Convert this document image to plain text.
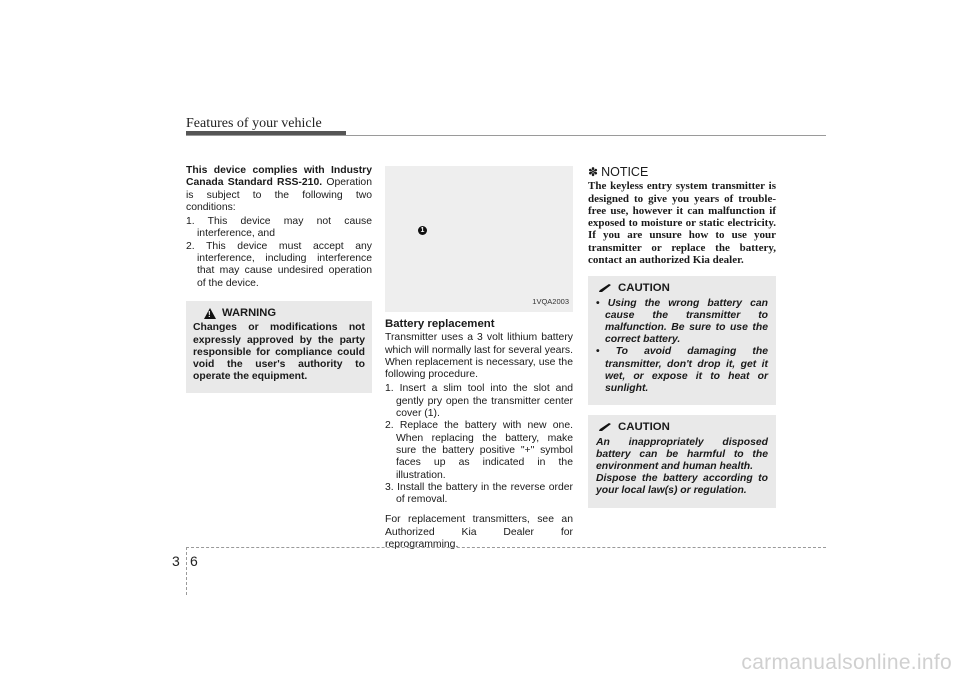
Features of your vehicle

This device complies with Industry Canada Standard RSS-210. Operation is subject to the following two conditions:

1. This device may not cause interference, and
2. This device must accept any interference, including interference that may cause undesired operation of the device.
!
WARNING

Changes or modifications not expressly approved by the party responsible for compliance could void the user's authority to operate the equipment.

1
1VQA2003
Battery replacement

Transmitter uses a 3 volt lithium battery which will normally last for several years. When replacement is necessary, use the following procedure.

1. Insert a slim tool into the slot and gently pry open the transmitter center cover (1).
2. Replace the battery with new one. When replacing the battery, make sure the battery positive "+" symbol faces up as indicated in the illustration.
3. Install the battery in the reverse order of removal.

For replacement transmitters, see an Authorized Kia Dealer for reprogramming.

✽ NOTICE

The keyless entry system transmitter is designed to give you years of trouble-free use, however it can malfunction if exposed to moisture or static electricity. If you are unsure how to use your transmitter or replace the battery, contact an authorized Kia dealer.

CAUTION
• Using the wrong battery can cause the transmitter to malfunction. Be sure to use the correct battery.
• To avoid damaging the transmitter, don't drop it, get it wet, or expose it to heat or sunlight.
CAUTION

An inappropriately disposed battery can be harmful to the environment and human health.

Dispose the battery according to your local law(s) or regulation.

3 6
carmanualsonline.info
